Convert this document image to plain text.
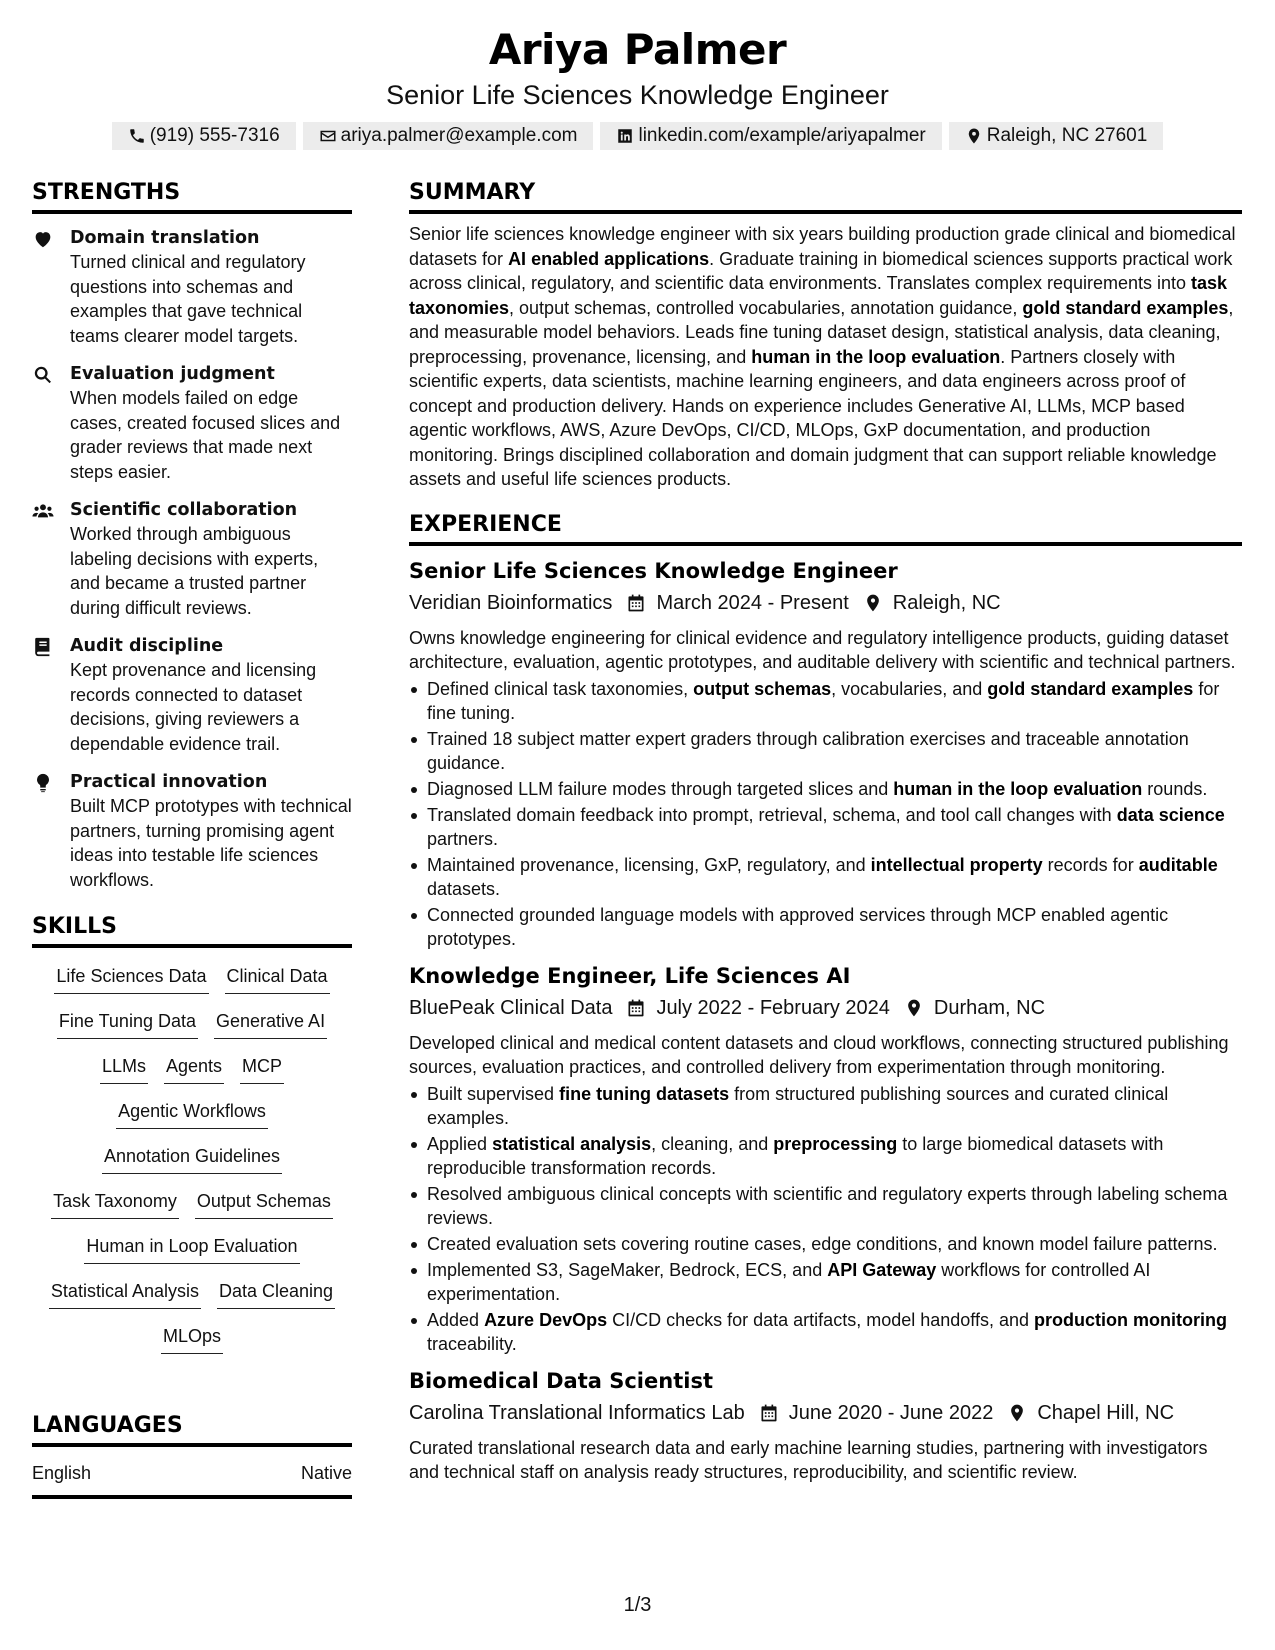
Ariya Palmer
Senior Life Sciences Knowledge Engineer
(919) 555-7316	ariya.palmer@example.com	linkedin.com/example/ariyapalmer	Raleigh, NC 27601
STRENGTHS
Domain translation
Turned clinical and regulatory questions into schemas and examples that gave technical teams clearer model targets.
Evaluation judgment
When models failed on edge cases, created focused slices and grader reviews that made next steps easier.
Scientific collaboration
Worked through ambiguous labeling decisions with experts, and became a trusted partner during difficult reviews.
Audit discipline
Kept provenance and licensing records connected to dataset decisions, giving reviewers a dependable evidence trail.
Practical innovation
Built MCP prototypes with technical partners, turning promising agent ideas into testable life sciences workflows.
SKILLS
Life Sciences Data Clinical Data
Fine Tuning Data Generative AI
LLMs Agents MCP
Agentic Workflows
Annotation Guidelines
Task Taxonomy Output Schemas
Human in Loop Evaluation
Statistical Analysis Data Cleaning
MLOps
LANGUAGES
English	Native
SUMMARY
Senior life sciences knowledge engineer with six years building production grade clinical and biomedical datasets for AI enabled applications. Graduate training in biomedical sciences supports practical work across clinical, regulatory, and scientific data environments. Translates complex requirements into task taxonomies, output schemas, controlled vocabularies, annotation guidance, gold standard examples, and measurable model behaviors. Leads fine tuning dataset design, statistical analysis, data cleaning, preprocessing, provenance, licensing, and human in the loop evaluation. Partners closely with scientific experts, data scientists, machine learning engineers, and data engineers across proof of concept and production delivery. Hands on experience includes Generative AI, LLMs, MCP based agentic workflows, AWS, Azure DevOps, CI/CD, MLOps, GxP documentation, and production monitoring. Brings disciplined collaboration and domain judgment that can support reliable knowledge assets and useful life sciences products.
EXPERIENCE
Senior Life Sciences Knowledge Engineer
Veridian Bioinformatics March 2024 - Present Raleigh, NC
Owns knowledge engineering for clinical evidence and regulatory intelligence products, guiding dataset architecture, evaluation, agentic prototypes, and auditable delivery with scientific and technical partners.
Defined clinical task taxonomies, output schemas, vocabularies, and gold standard examples for fine tuning.
Trained 18 subject matter expert graders through calibration exercises and traceable annotation guidance.
Diagnosed LLM failure modes through targeted slices and human in the loop evaluation rounds.
Translated domain feedback into prompt, retrieval, schema, and tool call changes with data science partners.
Maintained provenance, licensing, GxP, regulatory, and intellectual property records for auditable datasets.
Connected grounded language models with approved services through MCP enabled agentic prototypes.
Knowledge Engineer, Life Sciences AI
BluePeak Clinical Data July 2022 - February 2024 Durham, NC
Developed clinical and medical content datasets and cloud workflows, connecting structured publishing sources, evaluation practices, and controlled delivery from experimentation through monitoring.
Built supervised fine tuning datasets from structured publishing sources and curated clinical examples.
Applied statistical analysis, cleaning, and preprocessing to large biomedical datasets with reproducible transformation records.
Resolved ambiguous clinical concepts with scientific and regulatory experts through labeling schema reviews.
Created evaluation sets covering routine cases, edge conditions, and known model failure patterns.
Implemented S3, SageMaker, Bedrock, ECS, and API Gateway workflows for controlled AI experimentation.
Added Azure DevOps CI/CD checks for data artifacts, model handoffs, and production monitoring traceability.
Biomedical Data Scientist
Carolina Translational Informatics Lab June 2020 - June 2022 Chapel Hill, NC
Curated translational research data and early machine learning studies, partnering with investigators and technical staff on analysis ready structures, reproducibility, and scientific review.
1/3
